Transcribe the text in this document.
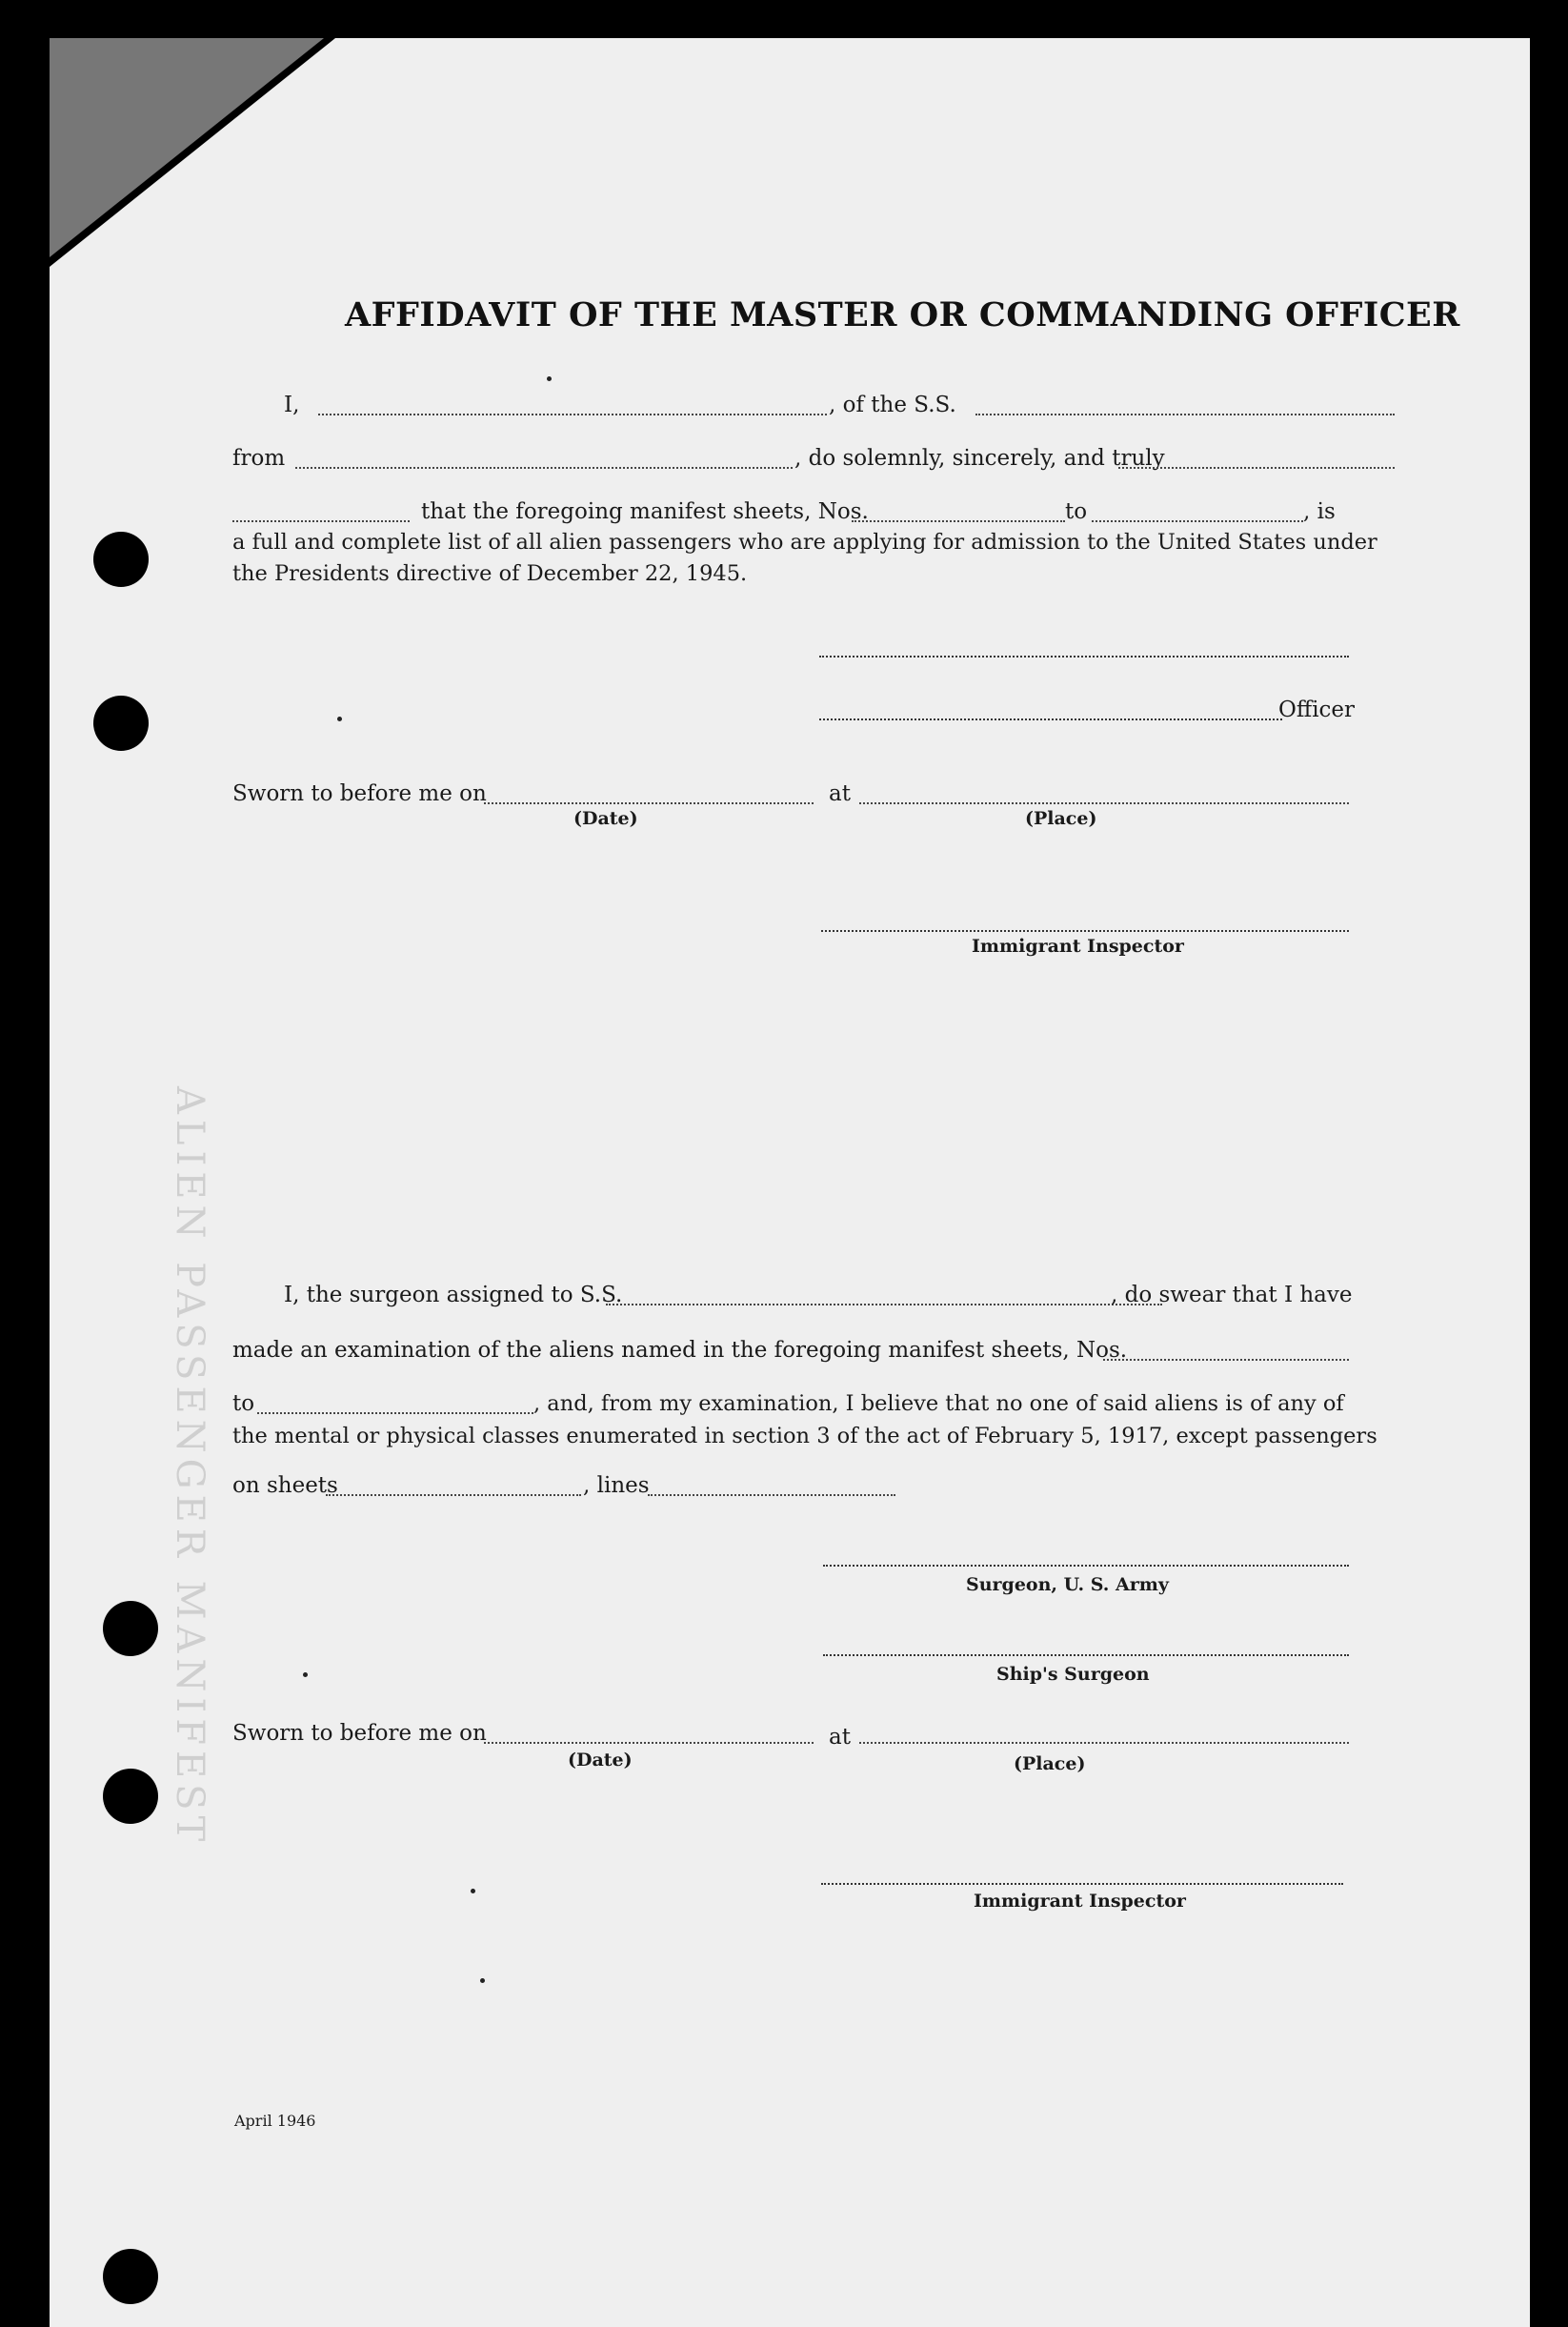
ALIEN PASSENGER MANIFEST
AFFIDAVIT OF THE MASTER OR COMMANDING OFFICER
I,	, of the S.S.
from	, do solemnly, sincerely, and truly
that the foregoing manifest sheets, Nos.	to	, is
a full and complete list of all alien passengers who are applying for admission to the United States under
the Presidents directive of December 22, 1945.
Officer
Sworn to before me on	at
(Date)	(Place)
Immigrant Inspector
I, the surgeon assigned to S.S.	, do swear that I have
made an examination of the aliens named in the foregoing manifest sheets, Nos.
to	, and, from my examination, I believe that no one of said aliens is of any of
the mental or physical classes enumerated in section 3 of the act of February 5, 1917, except passengers
on sheets	, lines
Surgeon, U. S. Army
Ship's Surgeon
Sworn to before me on	at
(Date)	(Place)
Immigrant Inspector
April 1946
